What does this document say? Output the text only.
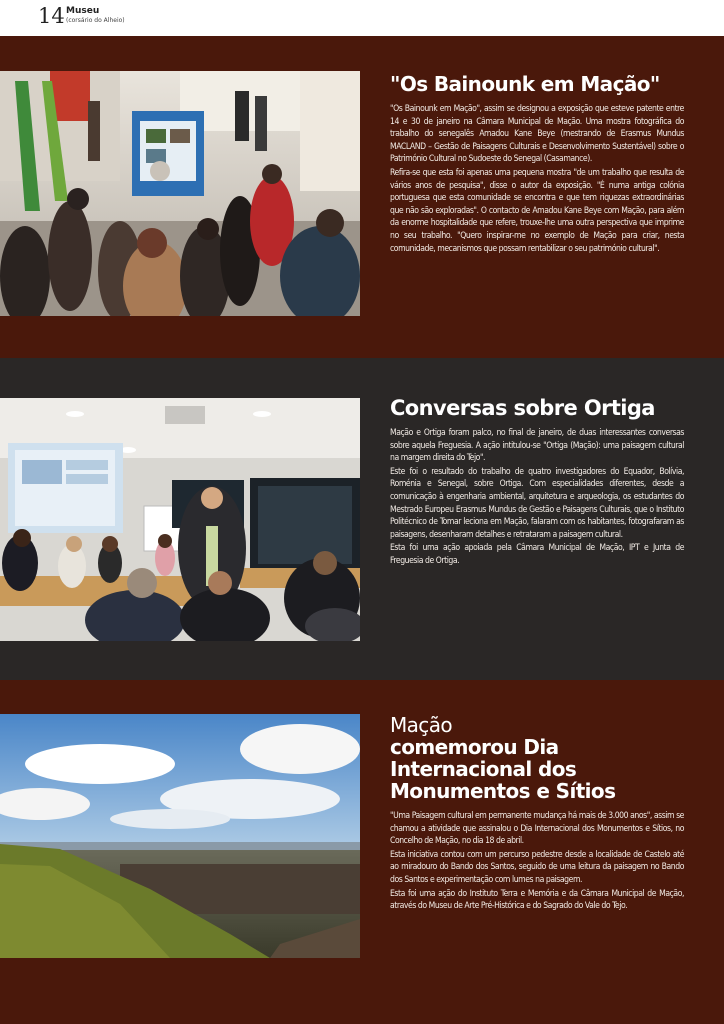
14 Museu
(corsário do Alheio)
"Os Bainounk em Mação"

"Os Bainounk em Mação", assim se designou a exposição que esteve patente entre 14 e 30 de janeiro na Câmara Municipal de Mação. Uma mostra fotográfica do trabalho do senegalês Amadou Kane Beye (mestrando de Erasmus Mundus MACLAND – Gestão de Paisagens Culturais e Desenvolvimento Sustentável) sobre o Património Cultural no Sudoeste do Senegal (Casamance).

Refira-se que esta foi apenas uma pequena mostra "de um trabalho que resulta de vários anos de pesquisa", disse o autor da exposição. "É numa antiga colónia portuguesa que esta comunidade se encontra e que tem riquezas extraordinárias que não são exploradas". O contacto de Amadou Kane Beye com Mação, para além da enorme hospitalidade que refere, trouxe-lhe uma outra perspectiva que imprime no seu trabalho. "Quero inspirar-me no exemplo de Mação para criar, nesta comunidade, mecanismos que possam rentabilizar o seu património cultural".

Conversas sobre Ortiga

Mação e Ortiga foram palco, no final de janeiro, de duas interessantes conversas sobre aquela Freguesia. A ação intitulou-se "Ortiga (Mação): uma paisagem cultural na margem direita do Tejo".

Este foi o resultado do trabalho de quatro investigadores do Equador, Bolívia, Roménia e Senegal, sobre Ortiga. Com especialidades diferentes, desde a comunicação à engenharia ambiental, arquitetura e arqueologia, os estudantes do Mestrado Europeu Erasmus Mundus de Gestão e Paisagens Culturais, que o Instituto Politécnico de Tomar leciona em Mação, falaram com os habitantes, fotografaram as paisagens, desenharam detalhes e retrataram a paisagem cultural.

Esta foi uma ação apoiada pela Câmara Municipal de Mação, IPT e Junta de Freguesia de Ortiga.

Mação
comemorou Dia Internacional dos Monumentos e Sítios

"Uma Paisagem cultural em permanente mudança há mais de 3.000 anos", assim se chamou a atividade que assinalou o Dia Internacional dos Monumentos e Sítios, no Concelho de Mação, no dia 18 de abril.

Esta iniciativa contou com um percurso pedestre desde a localidade de Castelo até ao miradouro do Bando dos Santos, seguido de uma leitura da paisagem no Bando dos Santos e experimentação com lumes na paisagem.

Esta foi uma ação do Instituto Terra e Memória e da Câmara Municipal de Mação, através do Museu de Arte Pré-Histórica e do Sagrado do Vale do Tejo.
